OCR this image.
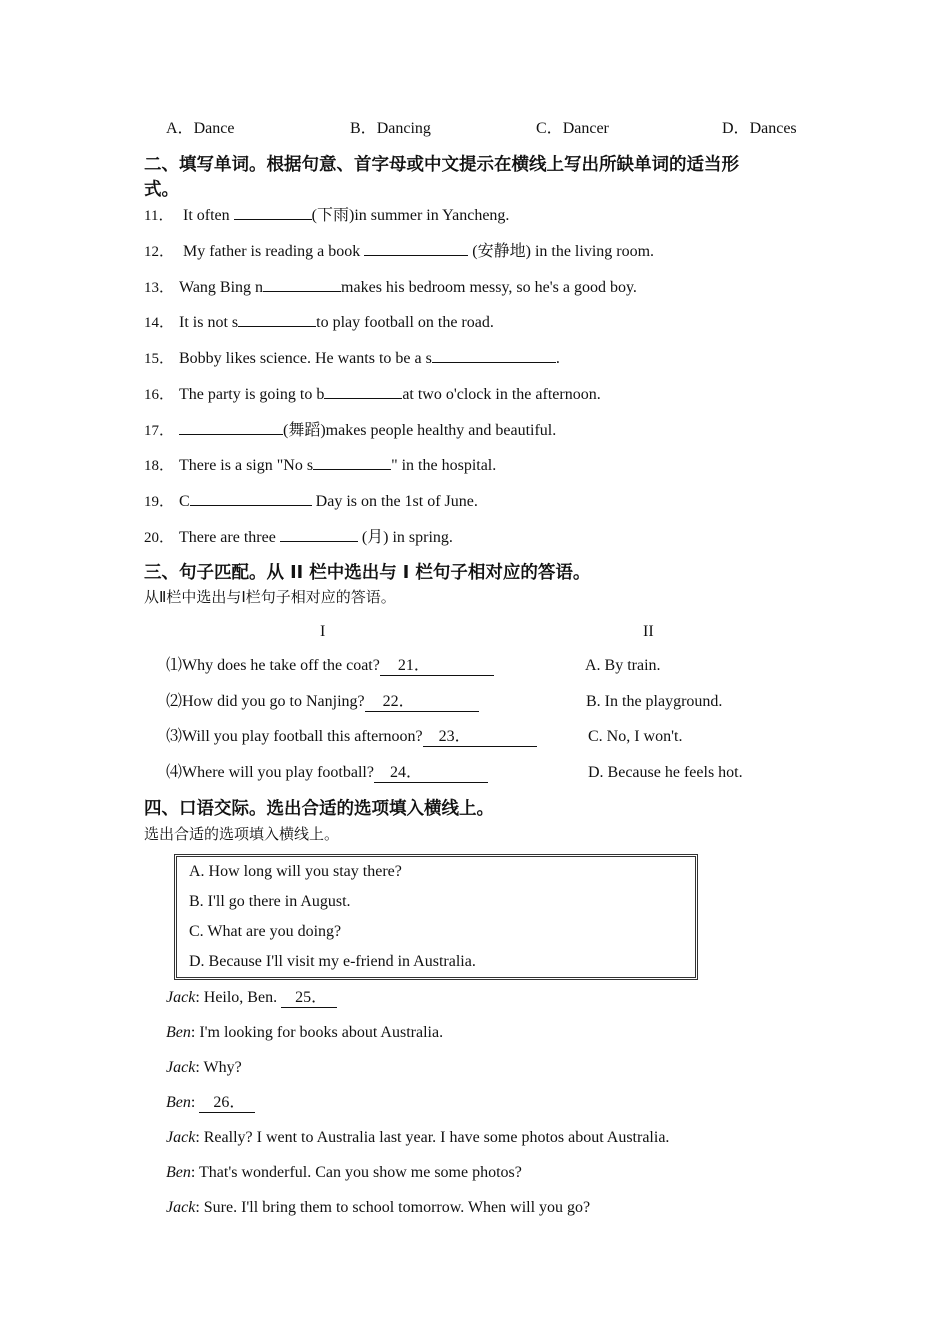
A．Dance	B．Dancing	C．Dancer	D．Dances
二、填写单词。根据句意、首字母或中文提示在横线上写出所缺单词的适当形
式。
11． It often	(下雨)in summer in Yancheng.
12． My father is reading a book	(安静地) in the living room.
13． Wang Bing n	makes his bedroom messy, so he's a good boy.
14． It is not s	to play football on the road.
15． Bobby likes science. He wants to be a s	.
16． The party is going to b	at two o'clock in the afternoon.
17．	(舞蹈)makes people healthy and beautiful.
18． There is a sign "No s	" in the hospital.
19． C	Day is on the 1st of June.
20． There are three	(月) in spring.
三、句子匹配。从 II 栏中选出与 I 栏句子相对应的答语。
从Ⅱ栏中选出与Ⅰ栏句子相对应的答语。
I	II
⑴Why does he take off the coat? 21．	A. By train.
⑵How did you go to Nanjing? 22．	B. In the playground.
⑶Will you play football this afternoon? 23．	C. No, I won't.
⑷Where will you play football? 24．	D. Because he feels hot.
四、口语交际。选出合适的选项填入横线上。
选出合适的选项填入横线上。
A. How long will you stay there?
B. I'll go there in August.
C. What are you doing?
D. Because I'll visit my e-friend in Australia.
Jack: Heilo, Ben. 25．
Ben: I'm looking for books about Australia.
Jack: Why?
Ben: 26．
Jack: Really? I went to Australia last year. I have some photos about Australia.
Ben: That's wonderful. Can you show me some photos?
Jack: Sure. I'll bring them to school tomorrow. When will you go?
